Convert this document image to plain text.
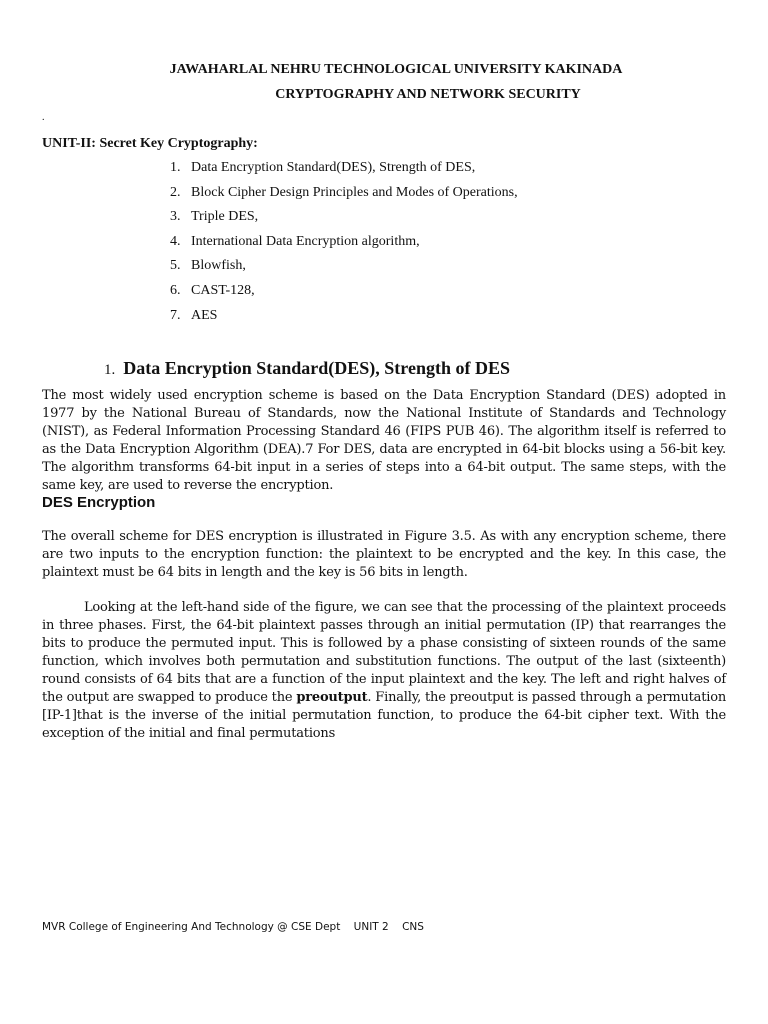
JAWAHARLAL NEHRU TECHNOLOGICAL UNIVERSITY KAKINADA
CRYPTOGRAPHY AND NETWORK SECURITY
.
UNIT-II: Secret Key Cryptography:
1. Data Encryption Standard(DES), Strength of DES,
2. Block Cipher Design Principles and Modes of Operations,
3. Triple DES,
4. International Data Encryption algorithm,
5. Blowfish,
6. CAST-128,
7. AES
1. Data Encryption Standard(DES), Strength of DES
The most widely used encryption scheme is based on the Data Encryption Standard (DES) adopted in 1977 by the National Bureau of Standards, now the National Institute of Standards and Technology (NIST), as Federal Information Processing Standard 46 (FIPS PUB 46). The algorithm itself is referred to as the Data Encryption Algorithm (DEA).7 For DES, data are encrypted in 64-bit blocks using a 56-bit key. The algorithm transforms 64-bit input in a series of steps into a 64-bit output. The same steps, with the same key, are used to reverse the encryption.
DES Encryption
The overall scheme for DES encryption is illustrated in Figure 3.5. As with any encryption scheme, there are two inputs to the encryption function: the plaintext to be encrypted and the key. In this case, the plaintext must be 64 bits in length and the key is 56 bits in length.
Looking at the left-hand side of the figure, we can see that the processing of the plaintext proceeds in three phases. First, the 64-bit plaintext passes through an initial permutation (IP) that rearranges the bits to produce the permuted input. This is followed by a phase consisting of sixteen rounds of the same function, which involves both permutation and substitution functions. The output of the last (sixteenth) round consists of 64 bits that are a function of the input plaintext and the key. The left and right halves of the output are swapped to produce the preoutput. Finally, the preoutput is passed through a permutation [IP-1]that is the inverse of the initial permutation function, to produce the 64-bit cipher text. With the exception of the initial and final permutations
MVR College of Engineering And Technology @ CSE Dept UNIT 2 CNS
